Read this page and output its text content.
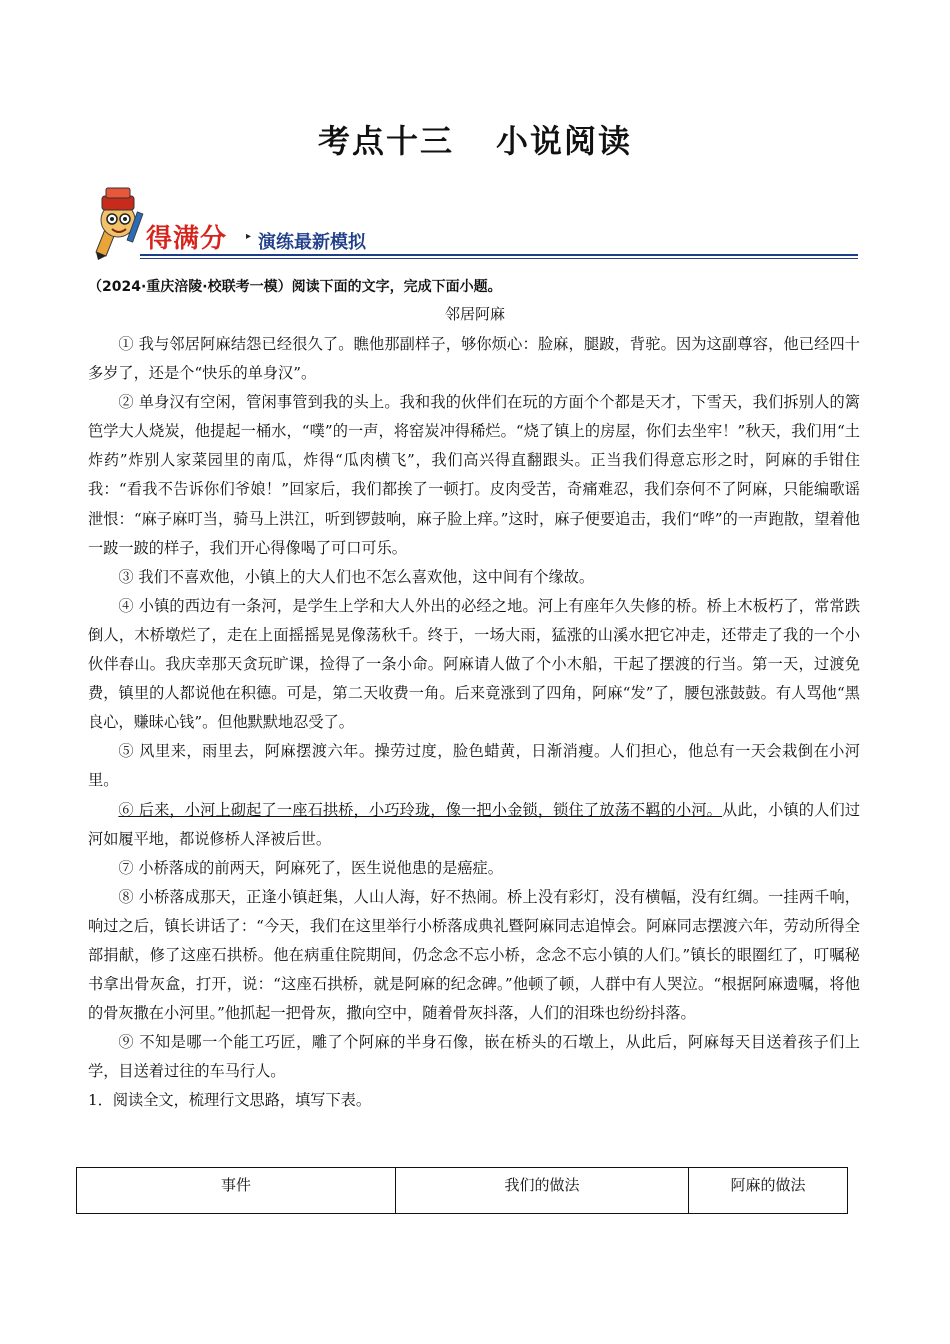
考点十三 小说阅读
得满分 ▸ 演练最新模拟
（2024·重庆涪陵·校联考一模）阅读下面的文字，完成下面小题。
邻居阿麻

① 我与邻居阿麻结怨已经很久了。瞧他那副样子，够你烦心：脸麻，腿跛，背驼。因为这副尊容，他已经四十多岁了，还是个“快乐的单身汉”。

② 单身汉有空闲，管闲事管到我的头上。我和我的伙伴们在玩的方面个个都是天才，下雪天，我们拆别人的篱笆学大人烧炭，他提起一桶水，“噗”的一声，将窑炭冲得稀烂。“烧了镇上的房屋，你们去坐牢！”秋天，我们用“土炸药”炸别人家菜园里的南瓜，炸得“瓜肉横飞”，我们高兴得直翻跟头。正当我们得意忘形之时，阿麻的手钳住我：“看我不告诉你们爷娘！”回家后，我们都挨了一顿打。皮肉受苦，奇痛难忍，我们奈何不了阿麻，只能编歌谣泄恨：“麻子麻叮当，骑马上洪江，听到锣鼓响，麻子脸上痒。”这时，麻子便要追击，我们“哗”的一声跑散，望着他一跛一跛的样子，我们开心得像喝了可口可乐。

③ 我们不喜欢他，小镇上的大人们也不怎么喜欢他，这中间有个缘故。

④ 小镇的西边有一条河，是学生上学和大人外出的必经之地。河上有座年久失修的桥。桥上木板朽了，常常跌倒人，木桥墩烂了，走在上面摇摇晃晃像荡秋千。终于，一场大雨，猛涨的山溪水把它冲走，还带走了我的一个小伙伴春山。我庆幸那天贪玩旷课，捡得了一条小命。阿麻请人做了个小木船，干起了摆渡的行当。第一天，过渡免费，镇里的人都说他在积德。可是，第二天收费一角。后来竟涨到了四角，阿麻“发”了，腰包涨鼓鼓。有人骂他“黑良心，赚昧心钱”。但他默默地忍受了。

⑤ 风里来，雨里去，阿麻摆渡六年。操劳过度，脸色蜡黄，日渐消瘦。人们担心，他总有一天会栽倒在小河里。

⑥ 后来，小河上砌起了一座石拱桥，小巧玲珑，像一把小金锁，锁住了放荡不羁的小河。从此，小镇的人们过河如履平地，都说修桥人泽被后世。

⑦ 小桥落成的前两天，阿麻死了，医生说他患的是癌症。

⑧ 小桥落成那天，正逢小镇赶集，人山人海，好不热闹。桥上没有彩灯，没有横幅，没有红绸。一挂两千响，响过之后，镇长讲话了：“今天，我们在这里举行小桥落成典礼暨阿麻同志追悼会。阿麻同志摆渡六年，劳动所得全部捐献，修了这座石拱桥。他在病重住院期间，仍念念不忘小桥，念念不忘小镇的人们。”镇长的眼圈红了，叮嘱秘书拿出骨灰盒，打开，说：“这座石拱桥，就是阿麻的纪念碑。”他顿了顿，人群中有人哭泣。“根据阿麻遗嘱，将他的骨灰撒在小河里。”他抓起一把骨灰，撒向空中，随着骨灰抖落，人们的泪珠也纷纷抖落。

⑨ 不知是哪一个能工巧匠，雕了个阿麻的半身石像，嵌在桥头的石墩上，从此后，阿麻每天目送着孩子们上学，目送着过往的车马行人。

1．阅读全文，梳理行文思路，填写下表。

事件	我们的做法	阿麻的做法
